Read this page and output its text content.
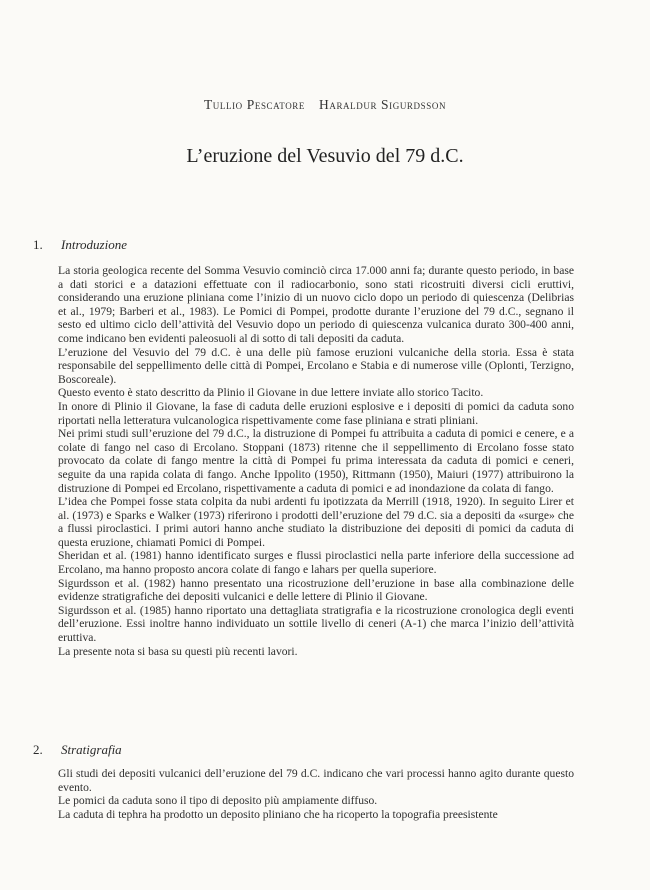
Tullio Pescatore Haraldur Sigurdsson
L’eruzione del Vesuvio del 79 d.C.
1. Introduzione

La storia geologica recente del Somma Vesuvio cominciò circa 17.000 anni fa; durante questo periodo, in base a dati storici e a datazioni effettuate con il radiocarbonio, sono stati ricostruiti diversi cicli eruttivi, considerando una eruzione pliniana come l’inizio di un nuovo ciclo dopo un periodo di quiescenza (Delibrias et al., 1979; Barberi et al., 1983). Le Pomici di Pompei, prodotte durante l’eruzione del 79 d.C., segnano il sesto ed ultimo ciclo dell’attività del Vesuvio dopo un periodo di quiescenza vulcanica durato 300-400 anni, come indicano ben evidenti paleosuoli al di sotto di tali depositi da caduta.

L’eruzione del Vesuvio del 79 d.C. è una delle più famose eruzioni vulcaniche della storia. Essa è stata responsabile del seppellimento delle città di Pompei, Ercolano e Stabia e di numerose ville (Oplonti, Terzigno, Boscoreale).

Questo evento è stato descritto da Plinio il Giovane in due lettere inviate allo storico Tacito.

In onore di Plinio il Giovane, la fase di caduta delle eruzioni esplosive e i depositi di pomici da caduta sono riportati nella letteratura vulcanologica rispettivamente come fase pliniana e strati pliniani.

Nei primi studi sull’eruzione del 79 d.C., la distruzione di Pompei fu attribuita a caduta di pomici e cenere, e a colate di fango nel caso di Ercolano. Stoppani (1873) ritenne che il seppellimento di Ercolano fosse stato provocato da colate di fango mentre la città di Pompei fu prima interessata da caduta di pomici e ceneri, seguite da una rapida colata di fango. Anche Ippolito (1950), Rittmann (1950), Maiuri (1977) attribuirono la distruzione di Pompei ed Ercolano, rispettivamente a caduta di pomici e ad inondazione da colata di fango.

L’idea che Pompei fosse stata colpita da nubi ardenti fu ipotizzata da Merrill (1918, 1920). In seguito Lirer et al. (1973) e Sparks e Walker (1973) riferirono i prodotti dell’eruzione del 79 d.C. sia a depositi da «surge» che a flussi piroclastici. I primi autori hanno anche studiato la distribuzione dei depositi di pomici da caduta di questa eruzione, chiamati Pomici di Pompei.

Sheridan et al. (1981) hanno identificato surges e flussi piroclastici nella parte inferiore della successione ad Ercolano, ma hanno proposto ancora colate di fango e lahars per quella superiore.

Sigurdsson et al. (1982) hanno presentato una ricostruzione dell’eruzione in base alla combinazione delle evidenze stratigrafiche dei depositi vulcanici e delle lettere di Plinio il Giovane.

Sigurdsson et al. (1985) hanno riportato una dettagliata stratigrafia e la ricostruzione cronologica degli eventi dell’eruzione. Essi inoltre hanno individuato un sottile livello di ceneri (A-1) che marca l’inizio dell’attività eruttiva.

La presente nota si basa su questi più recenti lavori.

2. Stratigrafia

Gli studi dei depositi vulcanici dell’eruzione del 79 d.C. indicano che vari processi hanno agito durante questo evento.

Le pomici da caduta sono il tipo di deposito più ampiamente diffuso.

La caduta di tephra ha prodotto un deposito pliniano che ha ricoperto la topografia preesistente
